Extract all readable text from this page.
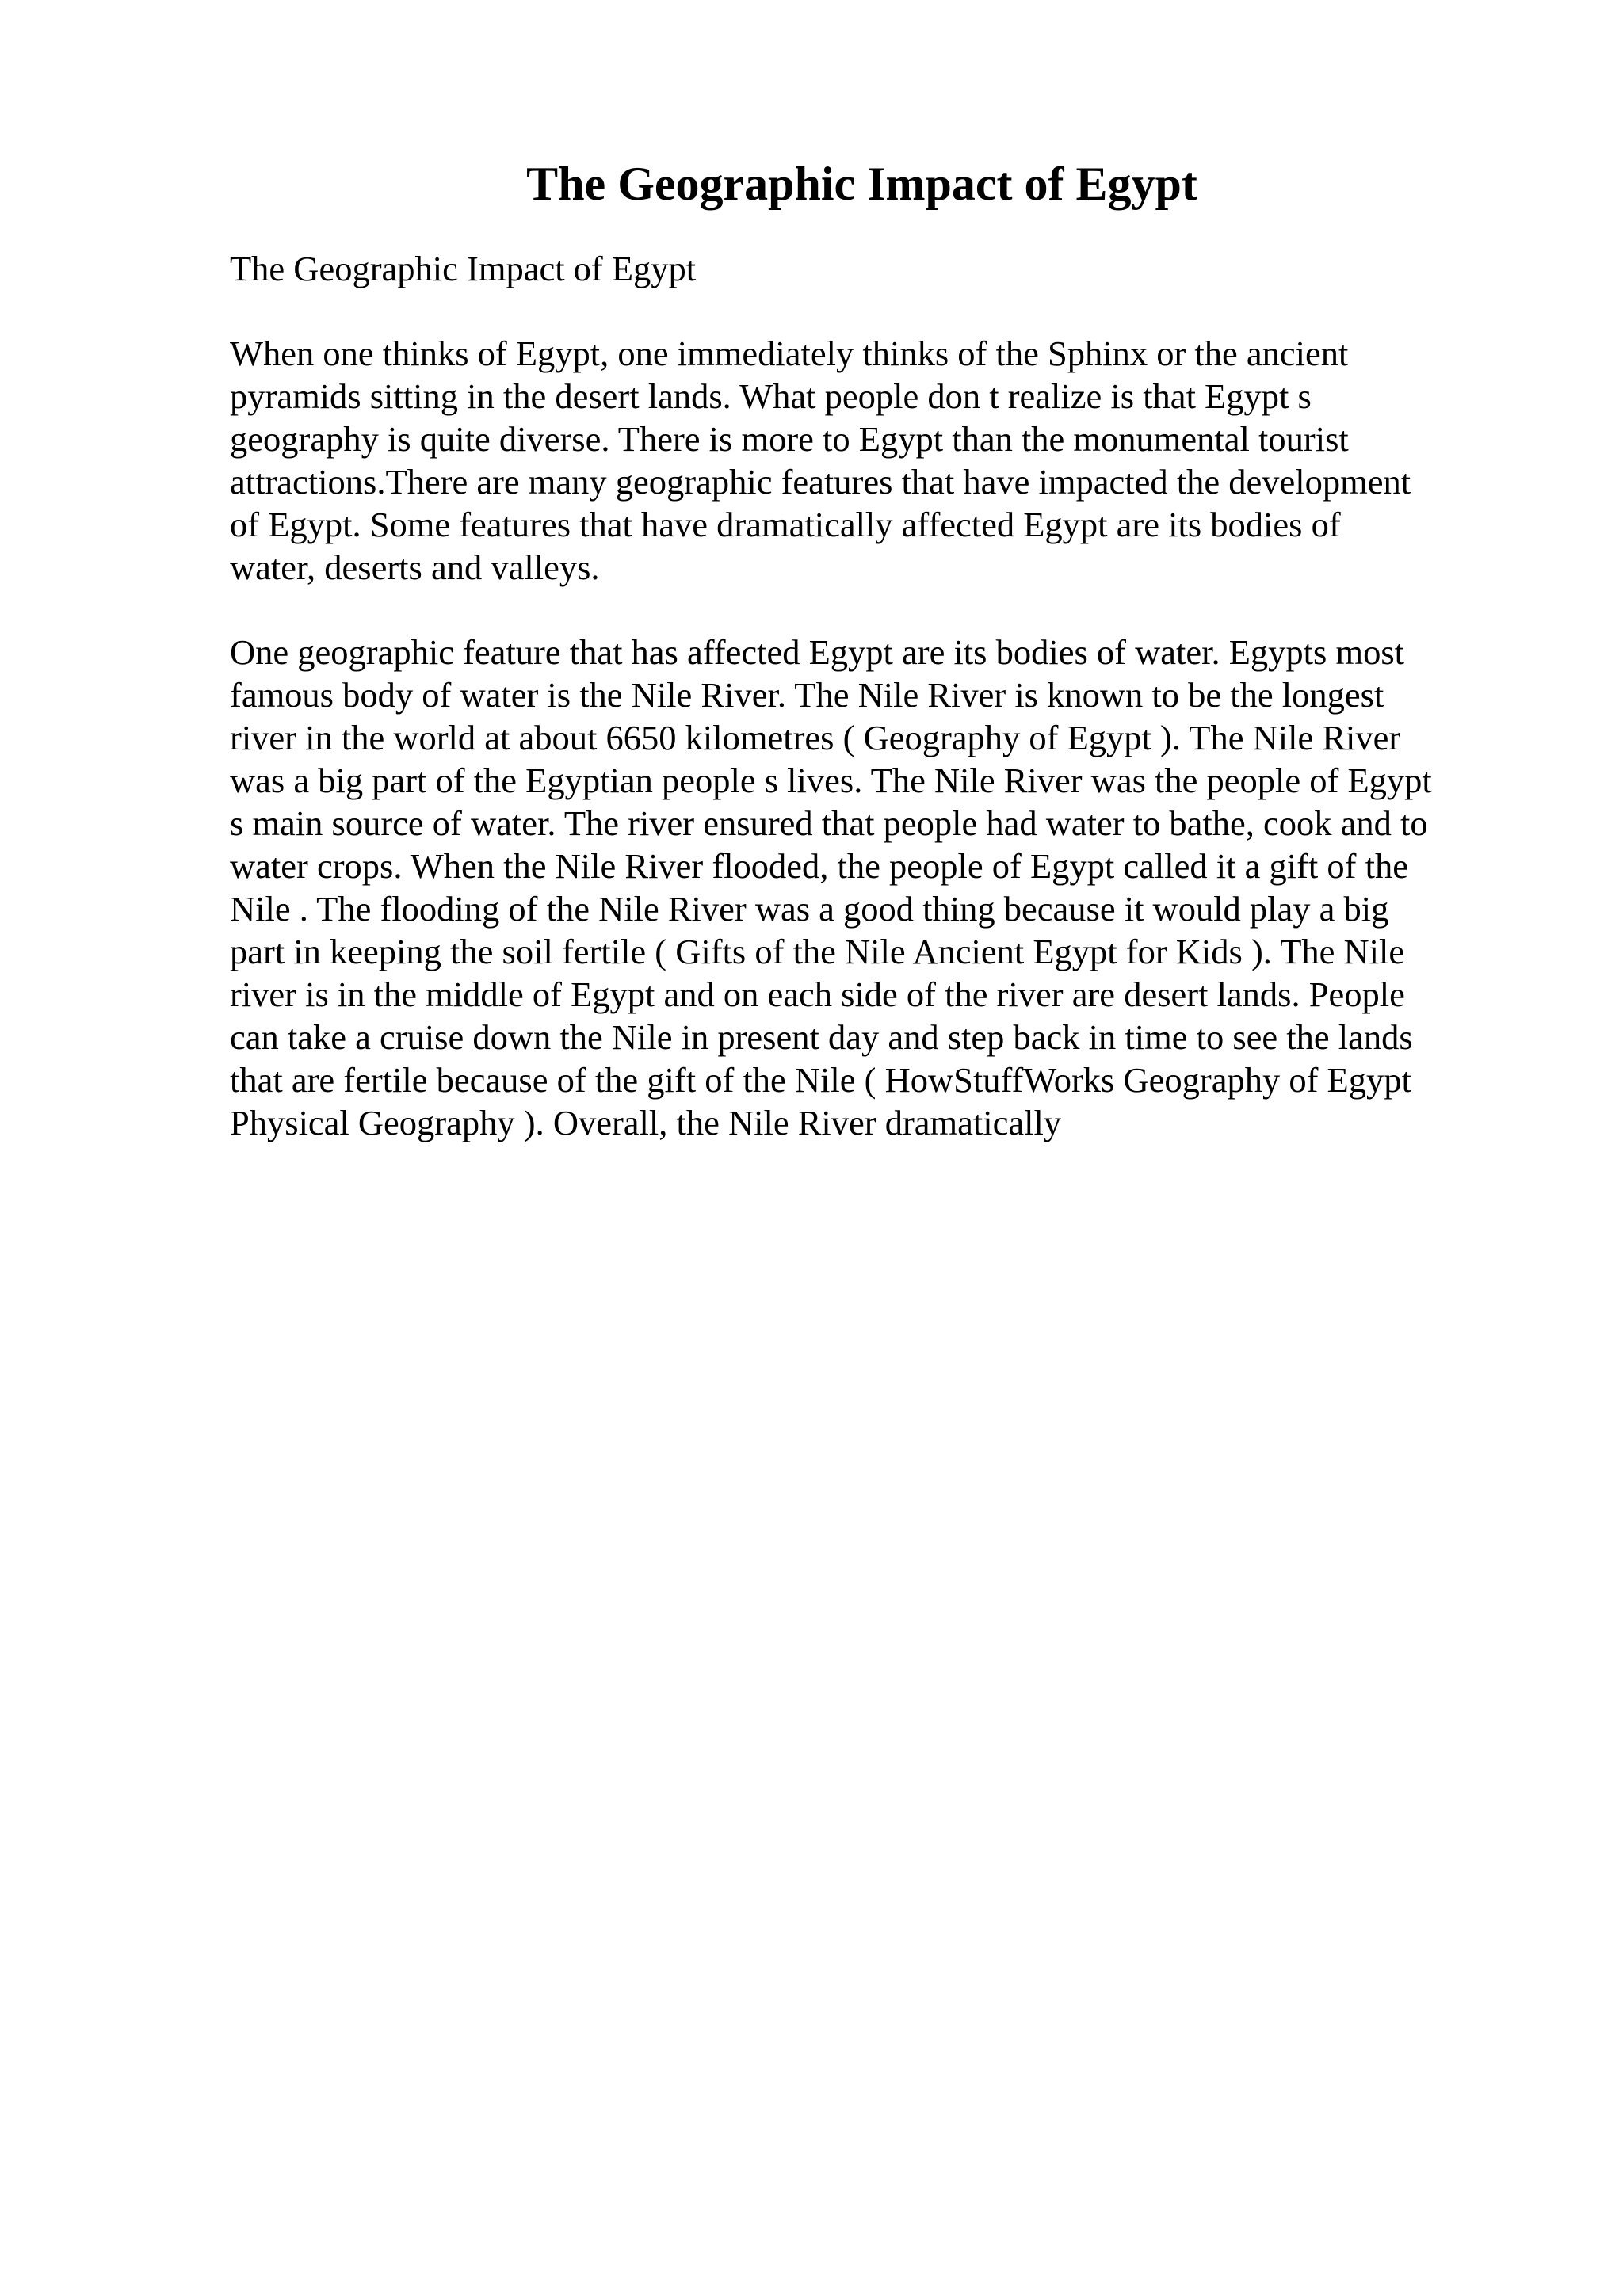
The Geographic Impact of Egypt

The Geographic Impact of Egypt

When one thinks of Egypt, one immediately thinks of the Sphinx or the ancient
pyramids sitting in the desert lands. What people don t realize is that Egypt s
geography is quite diverse. There is more to Egypt than the monumental tourist
attractions.There are many geographic features that have impacted the development
of Egypt. Some features that have dramatically affected Egypt are its bodies of
water, deserts and valleys.

One geographic feature that has affected Egypt are its bodies of water. Egypts most
famous body of water is the Nile River. The Nile River is known to be the longest
river in the world at about 6650 kilometres ( Geography of Egypt ). The Nile River
was a big part of the Egyptian people s lives. The Nile River was the people of Egypt
s main source of water. The river ensured that people had water to bathe, cook and to
water crops. When the Nile River flooded, the people of Egypt called it a gift of the
Nile . The flooding of the Nile River was a good thing because it would play a big
part in keeping the soil fertile ( Gifts of the Nile Ancient Egypt for Kids ). The Nile
river is in the middle of Egypt and on each side of the river are desert lands. People
can take a cruise down the Nile in present day and step back in time to see the lands
that are fertile because of the gift of the Nile ( HowStuffWorks Geography of Egypt
Physical Geography ). Overall, the Nile River dramatically
